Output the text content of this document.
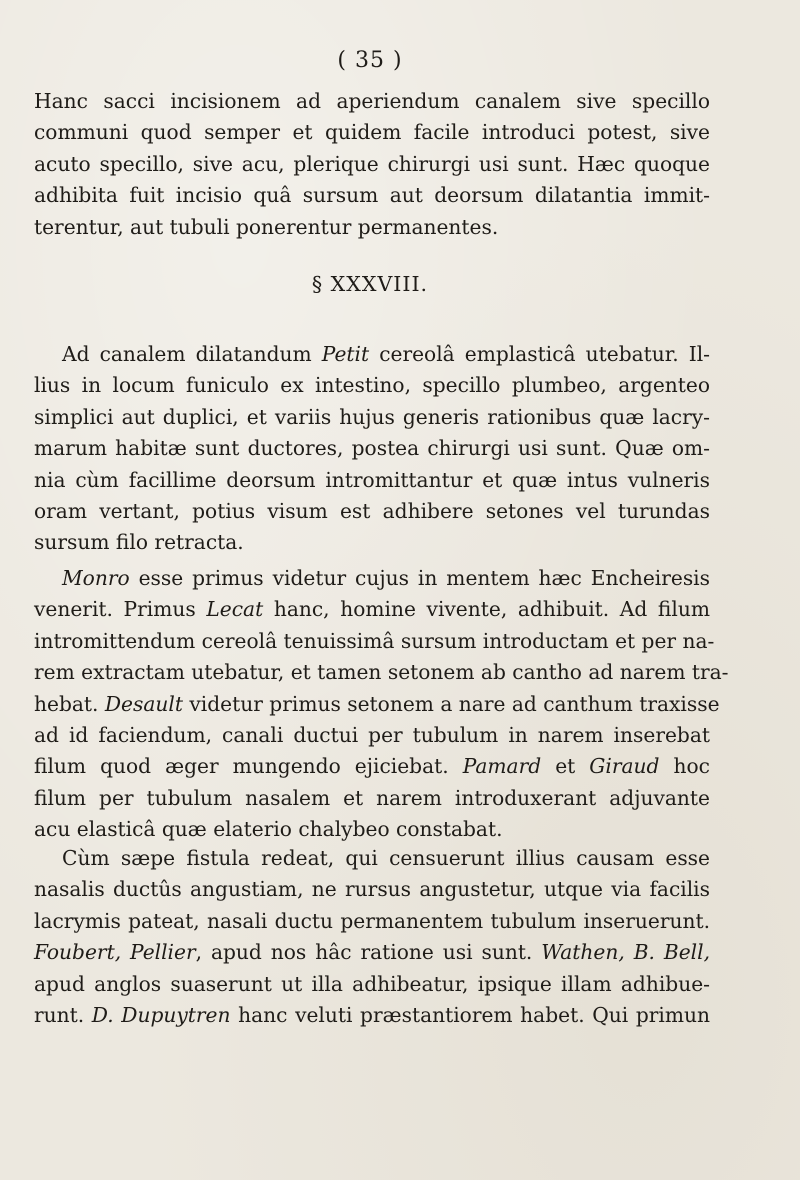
( 35 )
Hanc sacci incisionem ad aperiendum canalem sive specillo
communi quod semper et quidem facile introduci potest, sive
acuto specillo, sive acu, plerique chirurgi usi sunt. Hæc quoque
adhibita fuit incisio quâ sursum aut deorsum dilatantia immit-
terentur, aut tubuli ponerentur permanentes.
§ XXXVIII.
Ad canalem dilatandum Petit cereolâ emplasticâ utebatur. Il-
lius in locum funiculo ex intestino, specillo plumbeo, argenteo
simplici aut duplici, et variis hujus generis rationibus quæ lacry-
marum habitæ sunt ductores, postea chirurgi usi sunt. Quæ om-
nia cùm facillime deorsum intromittantur et quæ intus vulneris
oram vertant, potius visum est adhibere setones vel turundas
sursum filo retracta.
Monro esse primus videtur cujus in mentem hæc Encheiresis
venerit. Primus Lecat hanc, homine vivente, adhibuit. Ad filum
intromittendum cereolâ tenuissimâ sursum introductam et per na-
rem extractam utebatur, et tamen setonem ab cantho ad narem tra-
hebat. Desault videtur primus setonem a nare ad canthum traxisse
ad id faciendum, canali ductui per tubulum in narem inserebat
filum quod æger mungendo ejiciebat. Pamard et Giraud hoc
filum per tubulum nasalem et narem introduxerant adjuvante
acu elasticâ quæ elaterio chalybeo constabat.
Cùm sæpe fistula redeat, qui censuerunt illius causam esse
nasalis ductûs angustiam, ne rursus angustetur, utque via facilis
lacrymis pateat, nasali ductu permanentem tubulum inseruerunt.
Foubert, Pellier, apud nos hâc ratione usi sunt. Wathen, B. Bell,
apud anglos suaserunt ut illa adhibeatur, ipsique illam adhibue-
runt. D. Dupuytren hanc veluti præstantiorem habet. Qui primun
